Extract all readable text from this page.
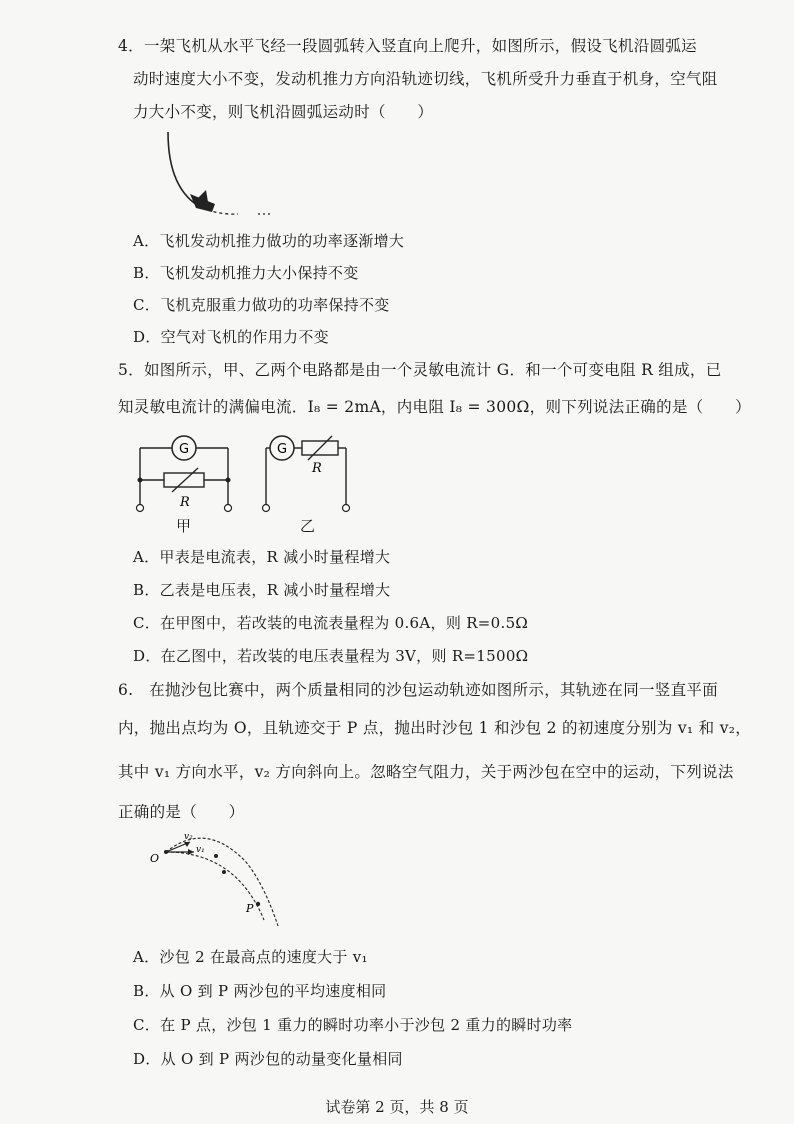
4．一架飞机从水平飞经一段圆弧转入竖直向上爬升，如图所示，假设飞机沿圆弧运
动时速度大小不变，发动机推力方向沿轨迹切线，飞机所受升力垂直于机身，空气阻
力大小不变，则飞机沿圆弧运动时（　　）
A．飞机发动机推力做功的功率逐渐增大
B．飞机发动机推力大小保持不变
C．飞机克服重力做功的功率保持不变
D．空气对飞机的作用力不变
5．如图所示，甲、乙两个电路都是由一个灵敏电流计 G．和一个可变电阻 R 组成，已
知灵敏电流计的满偏电流．I₈ = 2mA，内电阻 I₈ = 300Ω，则下列说法正确的是（　　）
G
R
G
R
甲	乙
A．甲表是电流表，R 减小时量程增大
B．乙表是电压表，R 减小时量程增大
C．在甲图中，若改装的电流表量程为 0.6A，则 R=0.5Ω
D．在乙图中，若改装的电压表量程为 3V，则 R=1500Ω
6.　在抛沙包比赛中，两个质量相同的沙包运动轨迹如图所示，其轨迹在同一竖直平面
内，抛出点均为 O，且轨迹交于 P 点，抛出时沙包 1 和沙包 2 的初速度分别为 v₁ 和 v₂，
其中 v₁ 方向水平，v₂ 方向斜向上。忽略空气阻力，关于两沙包在空中的运动，下列说法
正确的是（　　）
v₂
v₁
O
P
A．沙包 2 在最高点的速度大于 v₁
B．从 O 到 P 两沙包的平均速度相同
C．在 P 点，沙包 1 重力的瞬时功率小于沙包 2 重力的瞬时功率
D．从 O 到 P 两沙包的动量变化量相同
试卷第 2 页，共 8 页
